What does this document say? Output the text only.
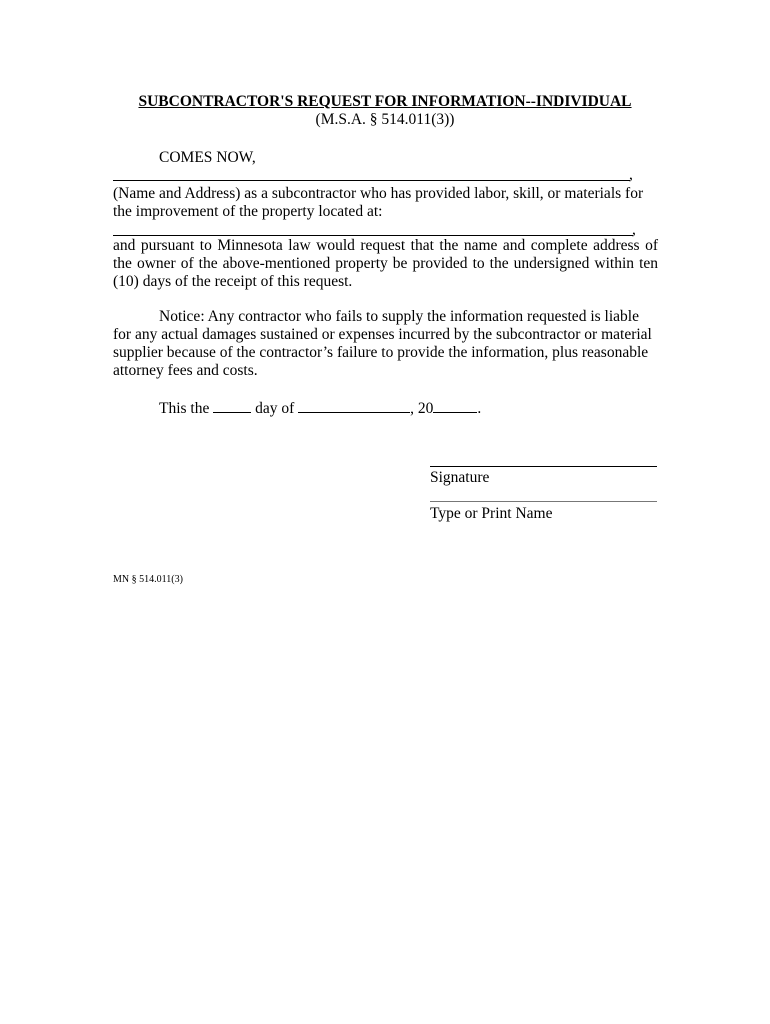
SUBCONTRACTOR'S REQUEST FOR INFORMATION--INDIVIDUAL
(M.S.A. § 514.011(3))
COMES NOW,
,
(Name and Address) as a subcontractor who has provided labor, skill, or materials for the improvement of the property located at:
,
and pursuant to Minnesota law would request that the name and complete address of the owner of the above-mentioned property be provided to the undersigned within ten (10) days of the receipt of this request.
Notice: Any contractor who fails to supply the information requested is liable for any actual damages sustained or expenses incurred by the subcontractor or material supplier because of the contractor’s failure to provide the information, plus reasonable attorney fees and costs.
This the	day of	, 20	.
Signature
Type or Print Name
MN § 514.011(3)
